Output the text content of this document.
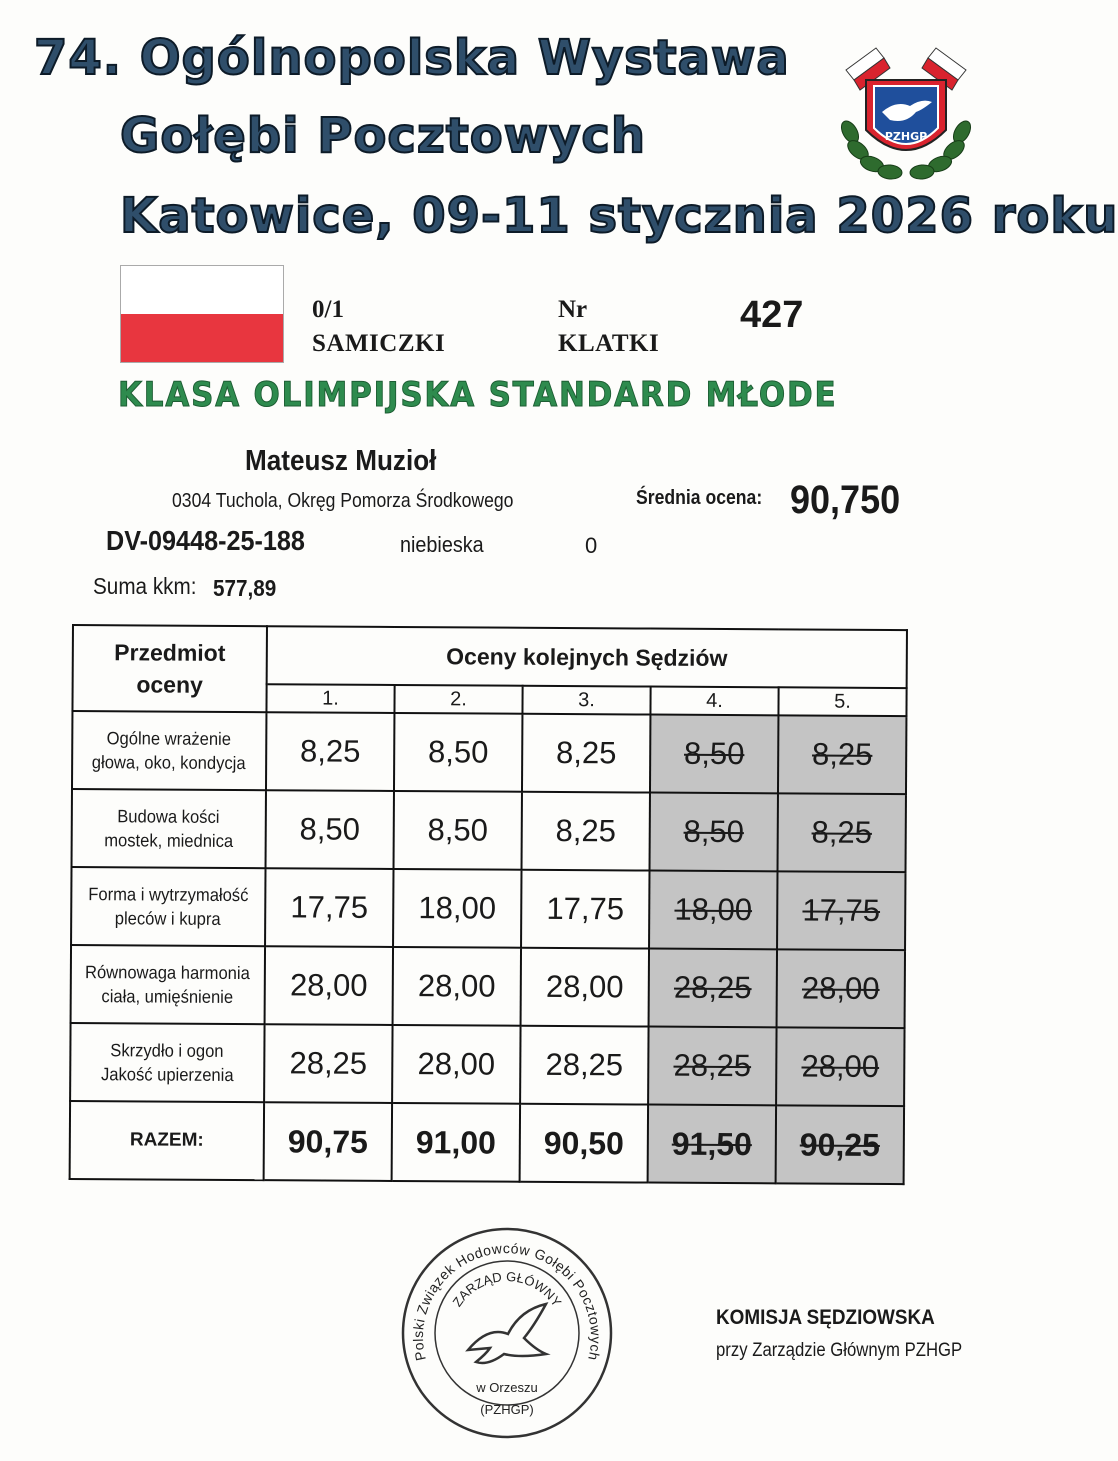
74. Ogólnopolska Wystawa
Gołębi Pocztowych
Katowice, 09-11 stycznia 2026 roku
PZHGP
0/1
SAMICZKI
Nr
KLATKI
427
KLASA OLIMPIJSKA STANDARD MŁODE
Mateusz Muzioł
0304 Tuchola, Okręg Pomorza Środkowego	Średnia ocena: 90,750
DV-09448-25-188	niebieska	0
Suma kkm: 577,89
Przedmiot oceny	Oceny kolejnych Sędziów				
	1.	2.	3.	4.	5.
Ogólne wrażenie
głowa, oko, kondycja	8,25	8,50	8,25	8,50	8,25
Budowa kości
mostek, miednica	8,50	8,50	8,25	8,50	8,25
Forma i wytrzymałość
pleców i kupra	17,75	18,00	17,75	18,00	17,75
Równowaga harmonia
ciała, umięśnienie	28,00	28,00	28,00	28,25	28,00
Skrzydło i ogon
Jakość upierzenia	28,25	28,00	28,25	28,25	28,00
RAZEM:	90,75	91,00	90,50	91,50	90,25
Polski Związek Hodowców Gołębi Pocztowych
ZARZĄD GŁÓWNY
w Orzeszu
(PZHGP)
KOMISJA SĘDZIOWSKA
przy Zarządzie Głównym PZHGP
